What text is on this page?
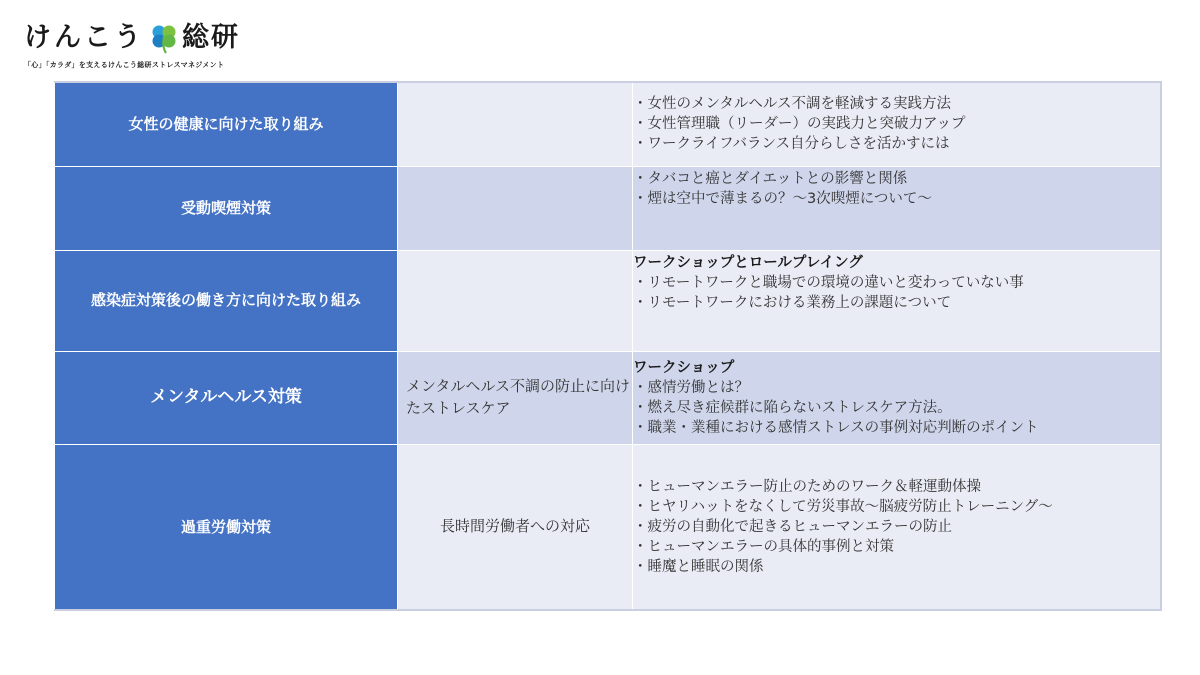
けんこう 総研
「心」「カラダ」を支えるけんこう総研ストレスマネジメント
女性の健康に向けた取り組み		・女性のメンタルヘルス不調を軽減する実践方法
・女性管理職（リーダー）の実践力と突破力アップ
・ワークライフバランス自分らしさを活かすには

受動喫煙対策		・タバコと癌とダイエットとの影響と関係
・煙は空中で薄まるの？～3次喫煙について～

感染症対策後の働き方に向けた取り組み		ワークショップとロールプレイング
・リモートワークと職場での環境の違いと変わっていない事
・リモートワークにおける業務上の課題について

メンタルヘルス対策	メンタルヘルス不調の防止に向けたストレスケア	ワークショップ
・感情労働とは？
・燃え尽き症候群に陥らないストレスケア方法。
・職業・業種における感情ストレスの事例対応判断のポイント

過重労働対策	長時間労働者への対応	・ヒューマンエラー防止のためのワーク＆軽運動体操
・ヒヤリハットをなくして労災事故～脳疲労防止トレーニング～
・疲労の自動化で起きるヒューマンエラーの防止
・ヒューマンエラーの具体的事例と対策
・睡魔と睡眠の関係
